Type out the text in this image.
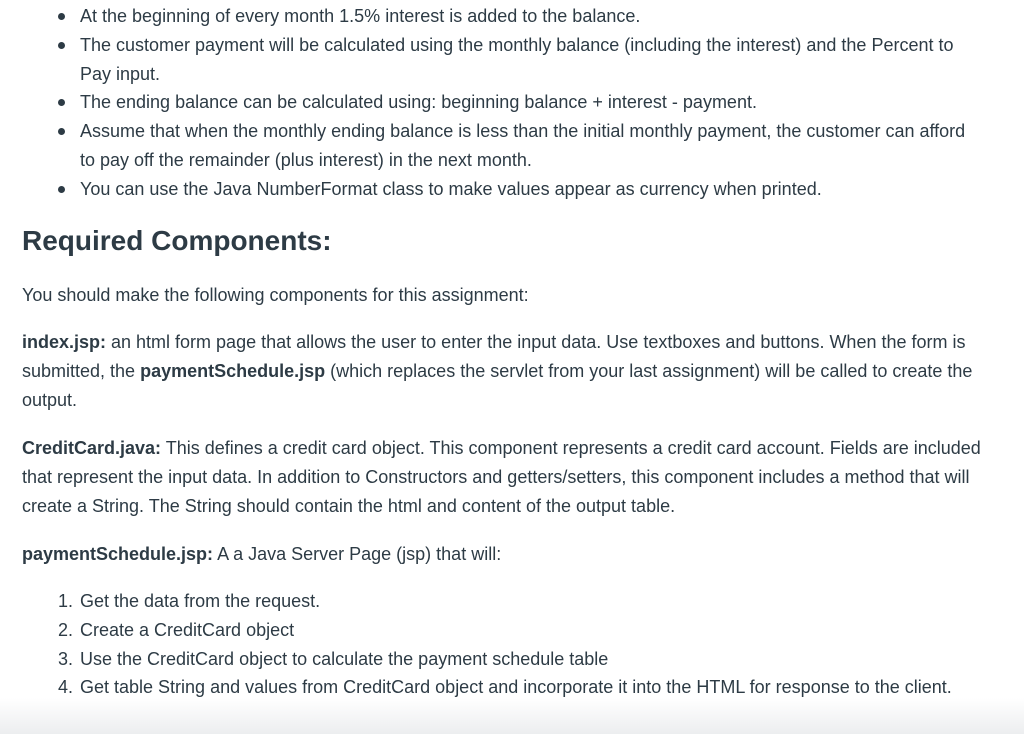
At the beginning of every month 1.5% interest is added to the balance.
The customer payment will be calculated using the monthly balance (including the interest) and the Percent to Pay input.
The ending balance can be calculated using: beginning balance + interest - payment.
Assume that when the monthly ending balance is less than the initial monthly payment, the customer can afford to pay off the remainder (plus interest) in the next month.
You can use the Java NumberFormat class to make values appear as currency when printed.
Required Components:

You should make the following components for this assignment:

index.jsp: an html form page that allows the user to enter the input data. Use textboxes and buttons. When the form is submitted, the paymentSchedule.jsp (which replaces the servlet from your last assignment) will be called to create the output.

CreditCard.java: This defines a credit card object. This component represents a credit card account. Fields are included that represent the input data. In addition to Constructors and getters/setters, this component includes a method that will create a String. The String should contain the html and content of the output table.

paymentSchedule.jsp: A a Java Server Page (jsp) that will:

1. Get the data from the request.
2. Create a CreditCard object
3. Use the CreditCard object to calculate the payment schedule table
4. Get table String and values from CreditCard object and incorporate it into the HTML for response to the client.
